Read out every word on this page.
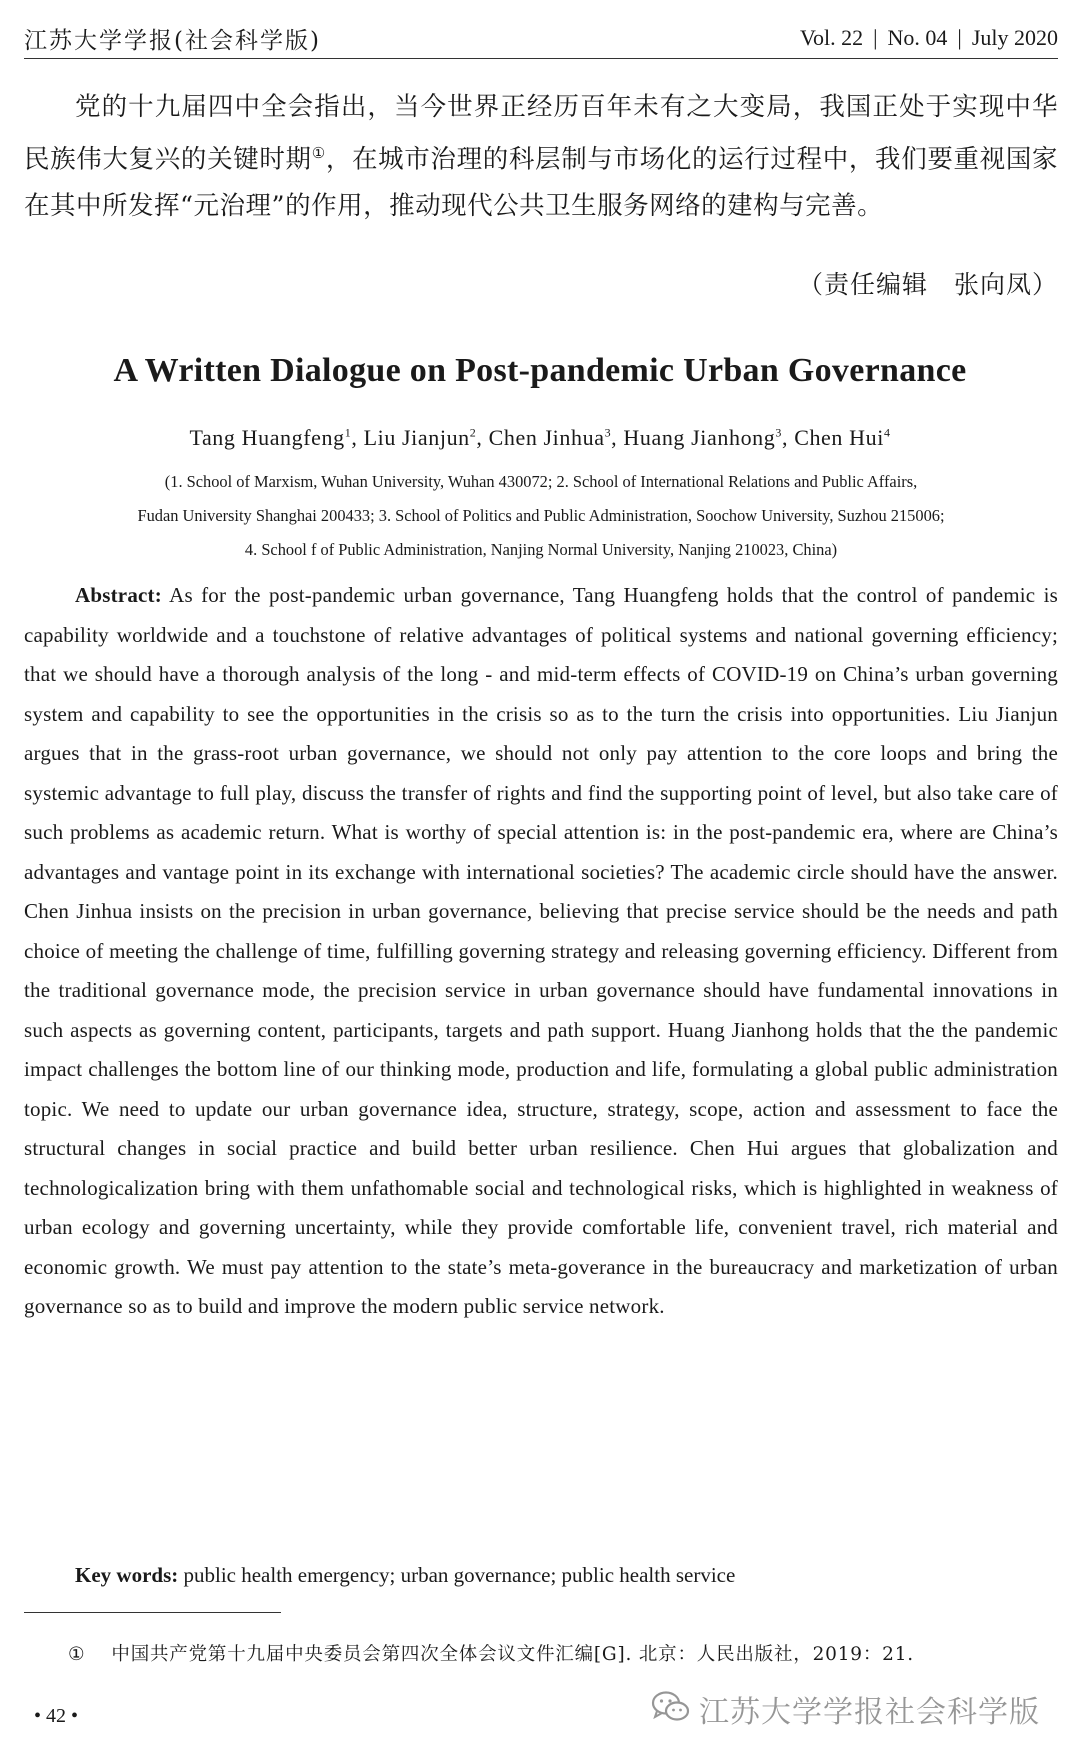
江苏大学学报(社会科学版)	Vol. 22 | No. 04 | July 2020
党的十九届四中全会指出，当今世界正经历百年未有之大变局，我国正处于实现中华民族伟大复兴的关键时期①，在城市治理的科层制与市场化的运行过程中，我们要重视国家在其中所发挥“元治理”的作用，推动现代公共卫生服务网络的建构与完善。
（责任编辑　张向凤）
A Written Dialogue on Post-pandemic Urban Governance
Tang Huangfeng$^1$, Liu Jianjun$^2$, Chen Jinhua$^3$, Huang Jianhong$^3$, Chen Hui$^4$
(1. School of Marxism, Wuhan University, Wuhan 430072; 2. School of International Relations and Public Affairs,
Fudan University Shanghai 200433; 3. School of Politics and Public Administration, Soochow University, Suzhou 215006;
4. School f of Public Administration, Nanjing Normal University, Nanjing 210023, China)
Abstract: As for the post-pandemic urban governance, Tang Huangfeng holds that the control of pandemic is capability worldwide and a touchstone of relative advantages of political systems and national governing efficiency; that we should have a thorough analysis of the long - and mid-term effects of COVID-19 on China’s urban governing system and capability to see the opportunities in the crisis so as to the turn the crisis into opportunities. Liu Jianjun argues that in the grass-root urban governance, we should not only pay attention to the core loops and bring the systemic advantage to full play, discuss the transfer of rights and find the supporting point of level, but also take care of such problems as academic return. What is worthy of special attention is: in the post-pandemic era, where are China’s advantages and vantage point in its exchange with international societies? The academic circle should have the answer. Chen Jinhua insists on the precision in urban governance, believing that precise service should be the needs and path choice of meeting the challenge of time, fulfilling governing strategy and releasing governing efficiency. Different from the traditional governance mode, the precision service in urban governance should have fundamental innovations in such aspects as governing content, participants, targets and path support. Huang Jianhong holds that the the pandemic impact challenges the bottom line of our thinking mode, production and life, formulating a global public administration topic. We need to update our urban governance idea, structure, strategy, scope, action and assessment to face the structural changes in social practice and build better urban resilience. Chen Hui argues that globalization and technologicalization bring with them unfathomable social and technological risks, which is highlighted in weakness of urban ecology and governing uncertainty, while they provide comfortable life, convenient travel, rich material and economic growth. We must pay attention to the state’s meta-goverance in the bureaucracy and marketization of urban governance so as to build and improve the modern public service network.
Key words: public health emergency; urban governance; public health service
① 中国共产党第十九届中央委员会第四次全体会议文件汇编[G]. 北京：人民出版社，2019：21.
• 42 •	江苏大学学报社会科学版
